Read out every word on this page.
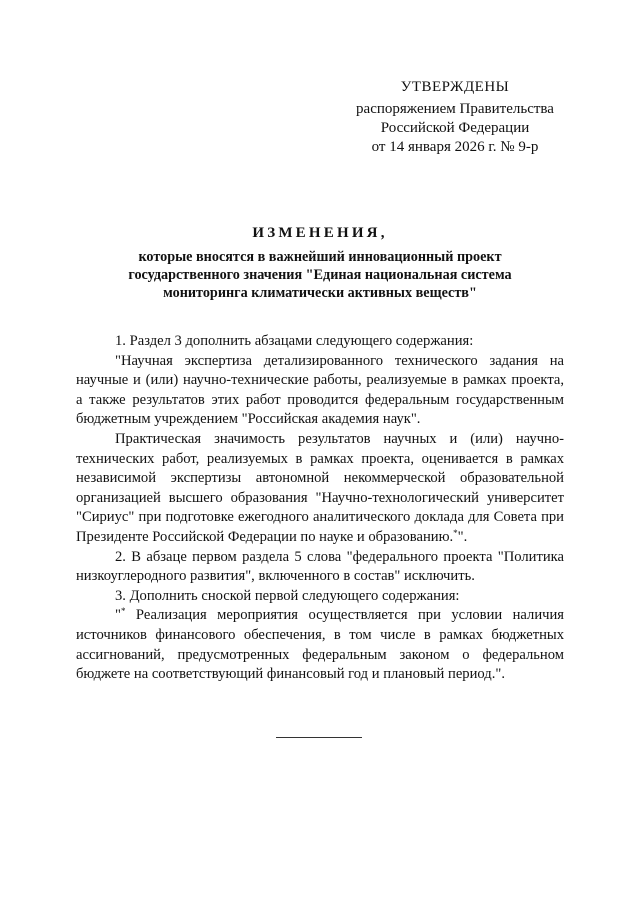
УТВЕРЖДЕНЫ
распоряжением Правительства
Российской Федерации
от 14 января 2026 г. № 9-р
ИЗМЕНЕНИЯ,
которые вносятся в важнейший инновационный проект
государственного значения "Единая национальная система
мониторинга климатически активных веществ"

1. Раздел 3 дополнить абзацами следующего содержания:

"Научная экспертиза детализированного технического задания на научные и (или) научно-технические работы, реализуемые в рамках проекта, а также результатов этих работ проводится федеральным государственным бюджетным учреждением "Российская академия наук".

Практическая значимость результатов научных и (или) научно-технических работ, реализуемых в рамках проекта, оценивается в рамках независимой экспертизы автономной некоммерческой образовательной организацией высшего образования "Научно-технологический университет "Сириус" при подготовке ежегодного аналитического доклада для Совета при Президенте Российской Федерации по науке и образованию.*".

2. В абзаце первом раздела 5 слова "федерального проекта "Политика низкоуглеродного развития", включенного в состав" исключить.

3. Дополнить сноской первой следующего содержания:

"* Реализация мероприятия осуществляется при условии наличия источников финансового обеспечения, в том числе в рамках бюджетных ассигнований, предусмотренных федеральным законом о федеральном бюджете на соответствующий финансовый год и плановый период.".
